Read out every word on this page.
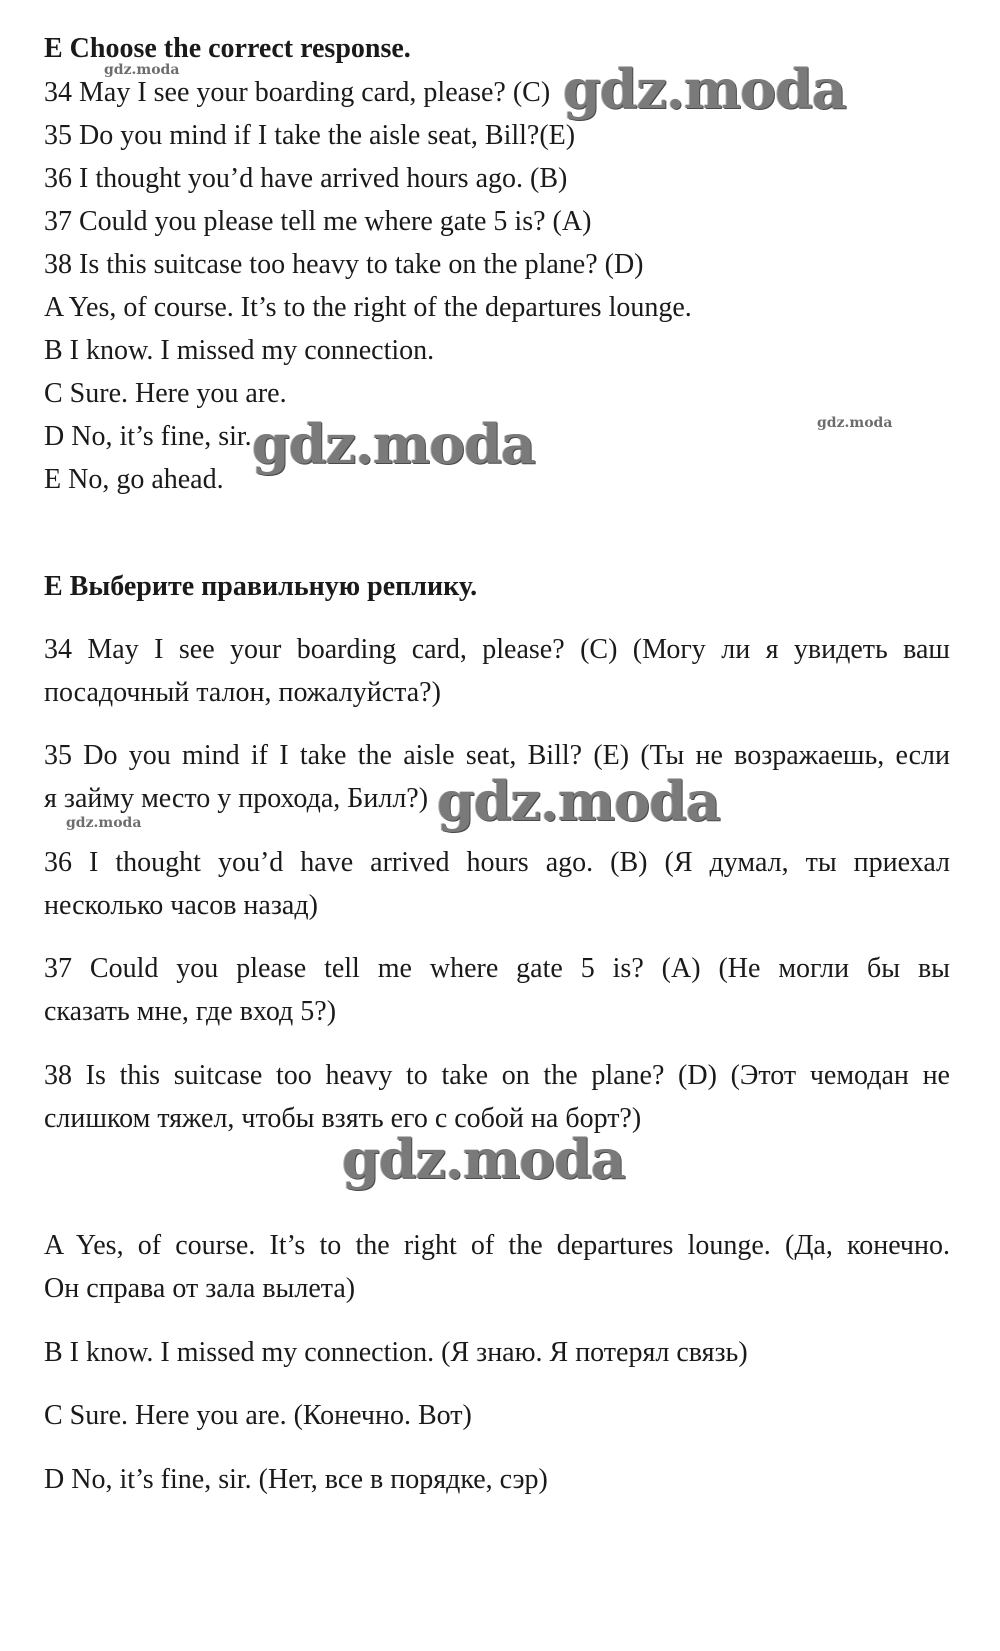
E Choose the correct response.
34 May I see your boarding card, please? (C)
35 Do you mind if I take the aisle seat, Bill?(E)
36 I thought you’d have arrived hours ago. (B)
37 Could you please tell me where gate 5 is? (A)
38 Is this suitcase too heavy to take on the plane? (D)
A Yes, of course. It’s to the right of the departures lounge.
B I know. I missed my connection.
C Sure. Here you are.
D No, it’s fine, sir.
E No, go ahead.
Е Выберите правильную реплику.
34 May I see your boarding card, please? (C) (Могу ли я увидеть ваш
посадочный талон, пожалуйста?)
35 Do you mind if I take the aisle seat, Bill? (E) (Ты не возражаешь, если
я займу место у прохода, Билл?)
36 I thought you’d have arrived hours ago. (B) (Я думал, ты приехал
несколько часов назад)
37 Could you please tell me where gate 5 is? (A) (Не могли бы вы
сказать мне, где вход 5?)
38 Is this suitcase too heavy to take on the plane? (D) (Этот чемодан не
слишком тяжел, чтобы взять его с собой на борт?)
A Yes, of course. It’s to the right of the departures lounge. (Да, конечно.
Он справа от зала вылета)
B I know. I missed my connection. (Я знаю. Я потерял связь)
C Sure. Here you are. (Конечно. Вот)
D No, it’s fine, sir. (Нет, все в порядке, сэр)
gdz.moda	gdz.moda
gdz.moda
gdz.moda
gdz.moda
gdz.moda
gdz.moda
